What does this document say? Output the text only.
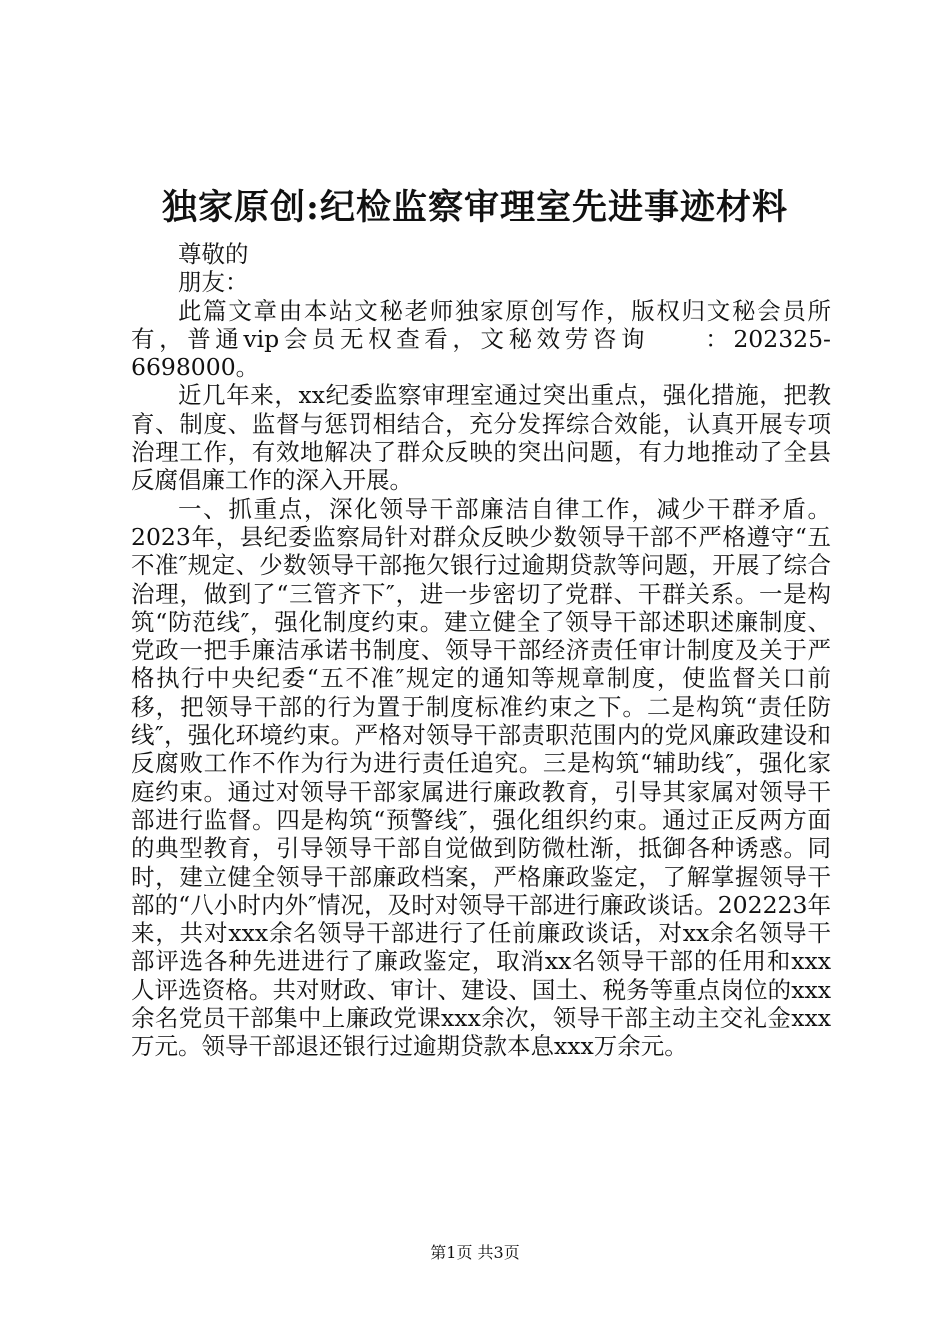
独家原创:纪检监察审理室先进事迹材料

尊敬的

朋友：

此篇文章由本站文秘老师独家原创写作，版权归文秘会员所有，普通vip会员无权查看，文秘效劳咨询　　：202325-6698000。

近几年来，xx纪委监察审理室通过突出重点，强化措施，把教育、制度、监督与惩罚相结合，充分发挥综合效能，认真开展专项治理工作，有效地解决了群众反映的突出问题，有力地推动了全县反腐倡廉工作的深入开展。

一、抓重点，深化领导干部廉洁自律工作，减少干群矛盾。2023年，县纪委监察局针对群众反映少数领导干部不严格遵守“五不准″规定、少数领导干部拖欠银行过逾期贷款等问题，开展了综合治理，做到了“三管齐下″，进一步密切了党群、干群关系。一是构筑“防范线″，强化制度约束。建立健全了领导干部述职述廉制度、党政一把手廉洁承诺书制度、领导干部经济责任审计制度及关于严格执行中央纪委“五不准″规定的通知等规章制度，使监督关口前移，把领导干部的行为置于制度标准约束之下。二是构筑“责任防线″，强化环境约束。严格对领导干部责职范围内的党风廉政建设和反腐败工作不作为行为进行责任追究。三是构筑“辅助线″，强化家庭约束。通过对领导干部家属进行廉政教育，引导其家属对领导干部进行监督。四是构筑“预警线″，强化组织约束。通过正反两方面的典型教育，引导领导干部自觉做到防微杜渐，抵御各种诱惑。同时，建立健全领导干部廉政档案，严格廉政鉴定，了解掌握领导干部的“八小时内外″情况，及时对领导干部进行廉政谈话。202223年来，共对xxx余名领导干部进行了任前廉政谈话，对xx余名领导干部评选各种先进进行了廉政鉴定，取消xx名领导干部的任用和xxx人评选资格。共对财政、审计、建设、国土、税务等重点岗位的xxx余名党员干部集中上廉政党课xxx余次，领导干部主动主交礼金xxx万元。领导干部退还银行过逾期贷款本息xxx万余元。

第1页 共3页
